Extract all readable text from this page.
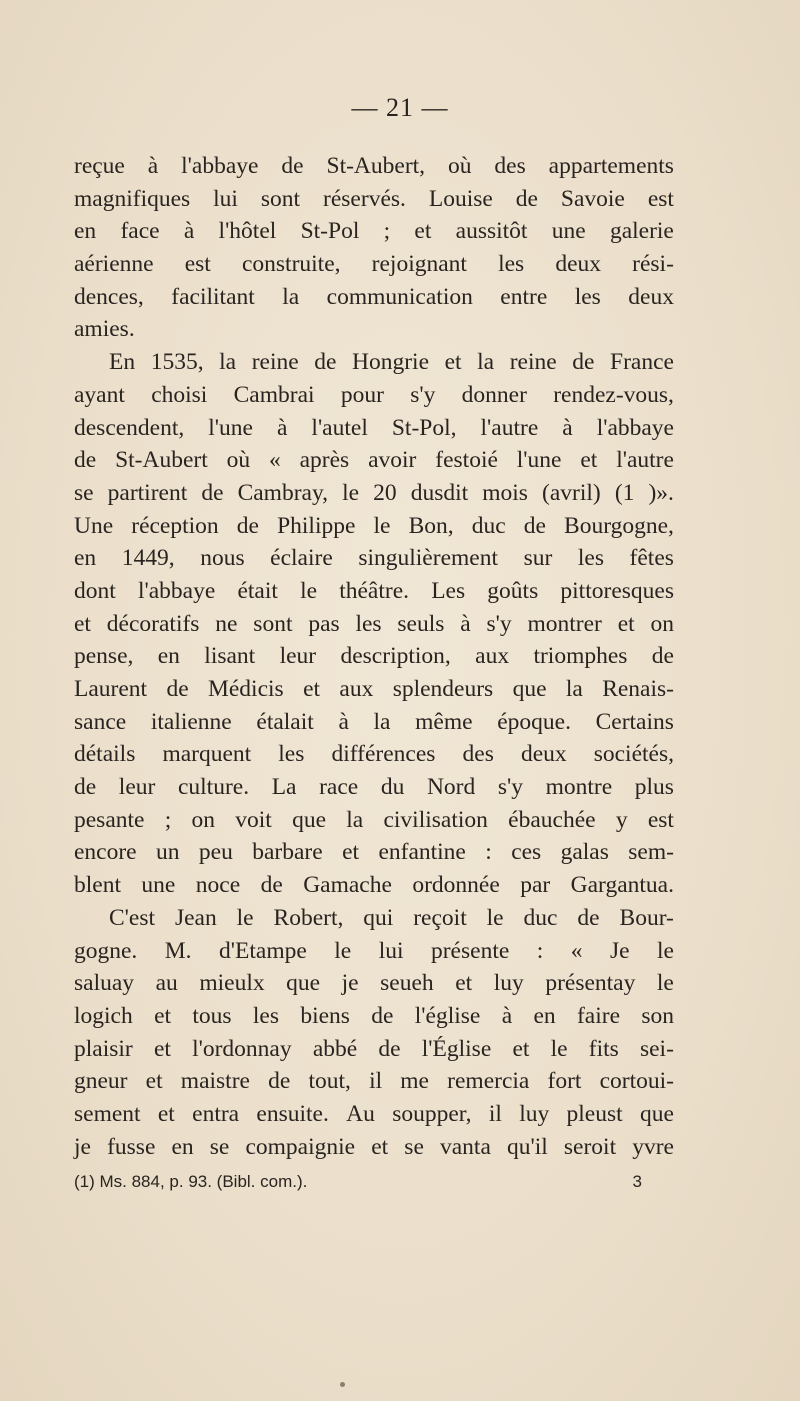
— 21 —
reçue à l'abbaye de St-Aubert, où des appartements
magnifiques lui sont réservés. Louise de Savoie est
en face à l'hôtel St-Pol ; et aussitôt une galerie
aérienne est construite, rejoignant les deux rési-
dences, facilitant la communication entre les deux
amies.
En 1535, la reine de Hongrie et la reine de France
ayant choisi Cambrai pour s'y donner rendez-vous,
descendent, l'une à l'autel St-Pol, l'autre à l'abbaye
de St-Aubert où « après avoir festoié l'une et l'autre
se partirent de Cambray, le 20 dusdit mois (avril) (1 )».
Une réception de Philippe le Bon, duc de Bourgogne,
en 1449, nous éclaire singulièrement sur les fêtes
dont l'abbaye était le théâtre. Les goûts pittoresques
et décoratifs ne sont pas les seuls à s'y montrer et on
pense, en lisant leur description, aux triomphes de
Laurent de Médicis et aux splendeurs que la Renais-
sance italienne étalait à la même époque. Certains
détails marquent les différences des deux sociétés,
de leur culture. La race du Nord s'y montre plus
pesante ; on voit que la civilisation ébauchée y est
encore un peu barbare et enfantine : ces galas sem-
blent une noce de Gamache ordonnée par Gargantua.
C'est Jean le Robert, qui reçoit le duc de Bour-
gogne. M. d'Etampe le lui présente : « Je le
saluay au mieulx que je seueh et luy présentay le
logich et tous les biens de l'église à en faire son
plaisir et l'ordonnay abbé de l'Église et le fits sei-
gneur et maistre de tout, il me remercia fort cortoui-
sement et entra ensuite. Au soupper, il luy pleust que
je fusse en se compaignie et se vanta qu'il seroit yvre
(1) Ms. 884, p. 93. (Bibl. com.).	3
